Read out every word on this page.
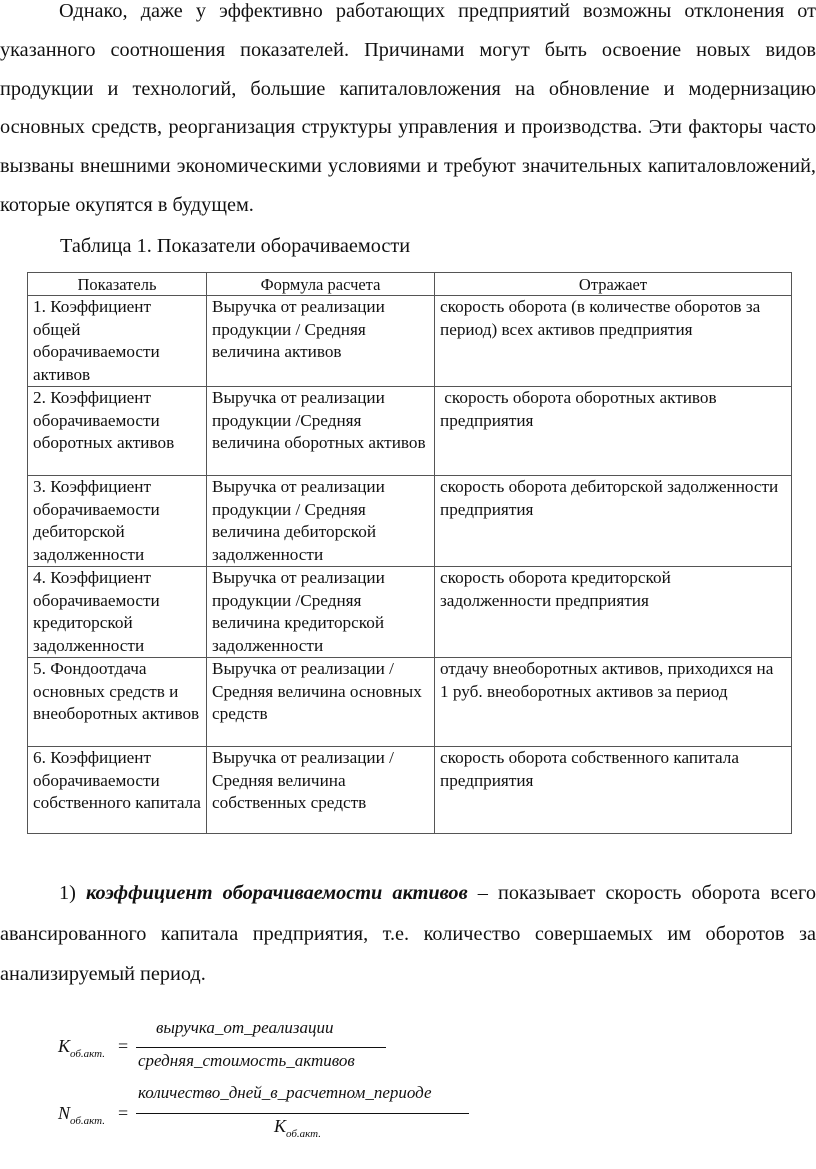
Однако, даже у эффективно работающих предприятий возможны отклонения от указанного соотношения показателей. Причинами могут быть освоение новых видов продукции и технологий, большие капиталовложения на обновление и модернизацию основных средств, реорганизация структуры управления и производства. Эти факторы часто вызваны внешними экономическими условиями и требуют значительных капиталовложений, которые окупятся в будущем.

Таблица 1. Показатели оборачиваемости

Показатель	Формула расчета	Отражает
1. Коэффициент общей оборачиваемости активов	Выручка от реализации продукции / Средняя величина активов	скорость оборота (в количестве оборотов за период) всех активов предприятия
2. Коэффициент оборачиваемости оборотных активов	Выручка от реализации продукции /Средняя величина оборотных активов	скорость оборота оборотных активов предприятия
3. Коэффициент оборачиваемости дебиторской задолженности	Выручка от реализации продукции / Средняя величина дебиторской задолженности	скорость оборота дебиторской задолженности предприятия
4. Коэффициент оборачиваемости кредиторской задолженности	Выручка от реализации продукции /Средняя величина кредиторской задолженности	скорость оборота кредиторской задолженности предприятия
5. Фондоотдача основных средств и внеоборотных активов	Выручка от реализации / Средняя величина основных средств	отдачу внеоборотных активов, приходихся на 1 руб. внеоборотных активов за период
6. Коэффициент оборачиваемости собственного капитала	Выручка от реализации / Средняя величина собственных средств	скорость оборота собственного капитала предприятия

1) коэффициент оборачиваемости активов – показывает скорость оборота всего авансированного капитала предприятия, т.е. количество совершаемых им оборотов за анализируемый период.

$K_{об.акт.}$ =
выручка_от_реализации
средняя_стоимость_активов
$N_{об.акт.}$ =
количество_дней_в_расчетном_периоде
$K_{об.акт.}$
